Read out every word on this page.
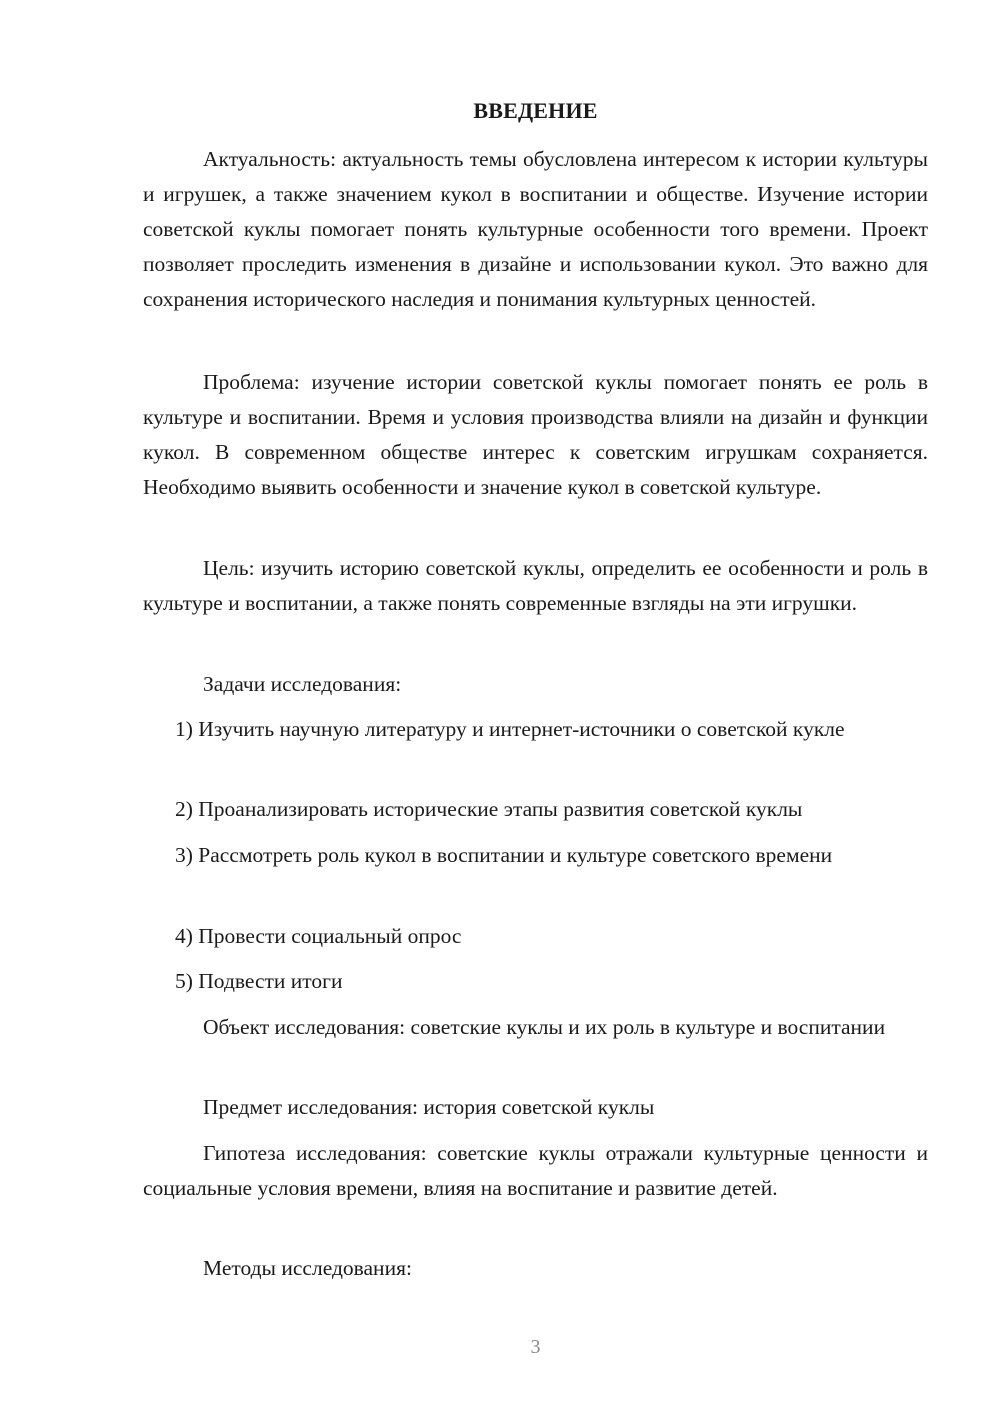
ВВЕДЕНИЕ

Актуальность: актуальность темы обусловлена интересом к истории культуры и игрушек, а также значением кукол в воспитании и обществе. Изучение истории советской куклы помогает понять культурные особенности того времени. Проект позволяет проследить изменения в дизайне и использовании кукол. Это важно для сохранения исторического наследия и понимания культурных ценностей.

Проблема: изучение истории советской куклы помогает понять ее роль в культуре и воспитании. Время и условия производства влияли на дизайн и функции кукол. В современном обществе интерес к советским игрушкам сохраняется. Необходимо выявить особенности и значение кукол в советской культуре.

Цель: изучить историю советской куклы, определить ее особенности и роль в культуре и воспитании, а также понять современные взгляды на эти игрушки.

Задачи исследования:

1) Изучить научную литературу и интернет-источники о советской кукле

2) Проанализировать исторические этапы развития советской куклы

3) Рассмотреть роль кукол в воспитании и культуре советского времени

4) Провести социальный опрос

5) Подвести итоги

Объект исследования: советские куклы и их роль в культуре и воспитании

Предмет исследования: история советской куклы

Гипотеза исследования: советские куклы отражали культурные ценности и социальные условия времени, влияя на воспитание и развитие детей.

Методы исследования:

3
